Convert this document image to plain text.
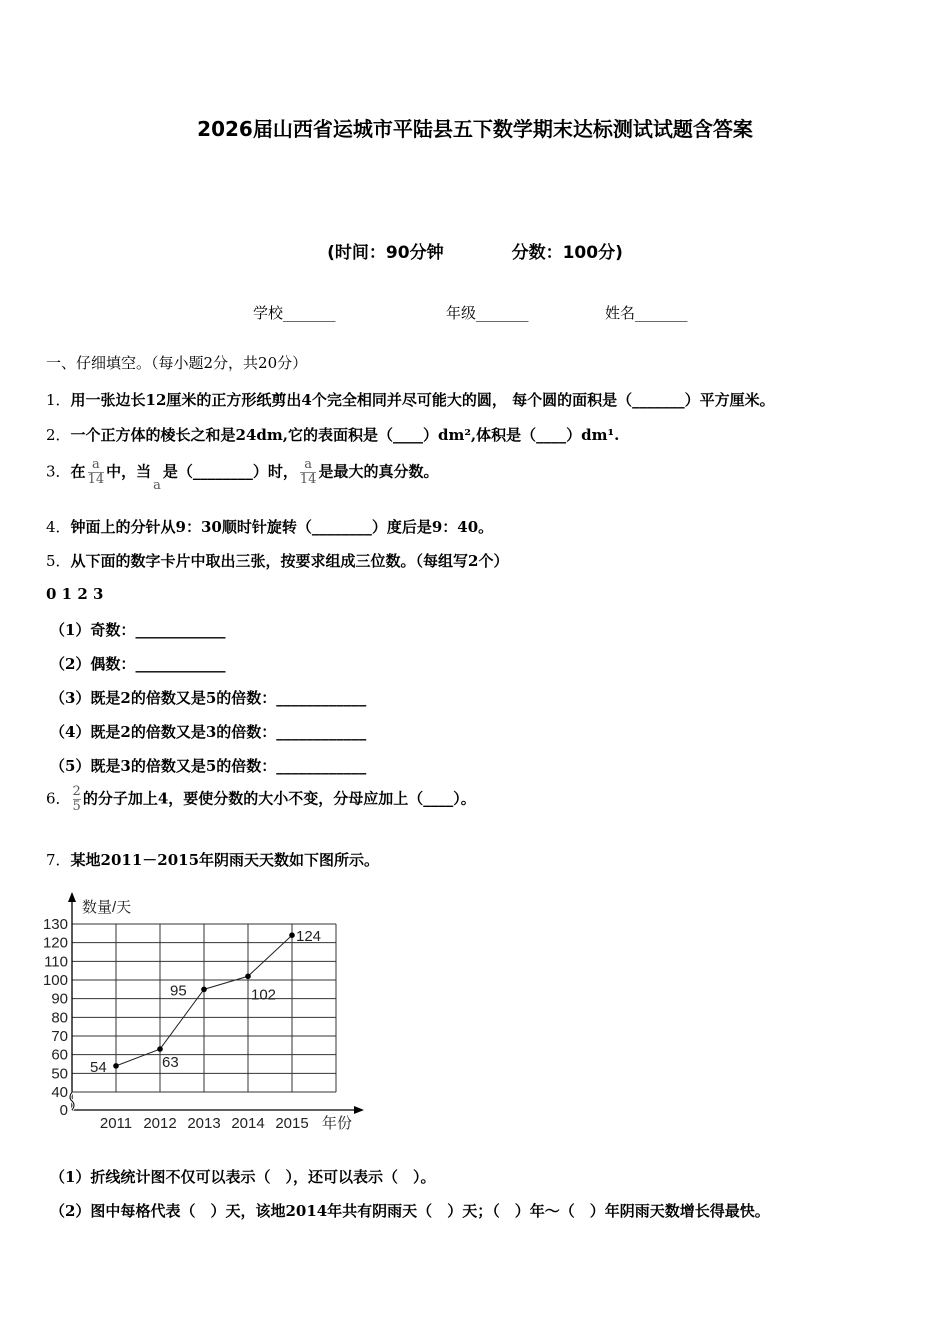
2026届山西省运城市平陆县五下数学期末达标测试试题含答案
(时间：90分钟　　　　分数：100分)
学校_______	年级_______	姓名_______
一、仔细填空。（每小题2分，共20分）
1．用一张边长12厘米的正方形纸剪出4个完全相同并尽可能大的圆， 每个圆的面积是（_______）平方厘米。
2．一个正方体的棱长之和是24dm,它的表面积是（____）dm²,体积是（____）dm¹.
3．在 $\frac{a}{14}$ 中，当a是（________）时， $\frac{a}{14}$ 是最大的真分数。
4．钟面上的分针从9：30顺时针旋转（________）度后是9：40。
5．从下面的数字卡片中取出三张，按要求组成三位数。（每组写2个）
0 1 2 3
（1）奇数：____________
（2）偶数：____________
（3）既是2的倍数又是5的倍数：____________
（4）既是2的倍数又是3的倍数：____________
（5）既是3的倍数又是5的倍数：____________
6． $\frac{2}{5}$ 的分子加上4，要使分数的大小不变，分母应加上（____）。
7．某地2011－2015年阴雨天天数如下图所示。
0
40
50
60
70
80
90
100
110
120
130
数量/天
年份
54
2011
63
2012
95
2013
102
2014
124
2015
（1）折线统计图不仅可以表示（　），还可以表示（　）。
（2）图中每格代表（　）天，该地2014年共有阴雨天（　）天；（　）年～（　）年阴雨天数增长得最快。
